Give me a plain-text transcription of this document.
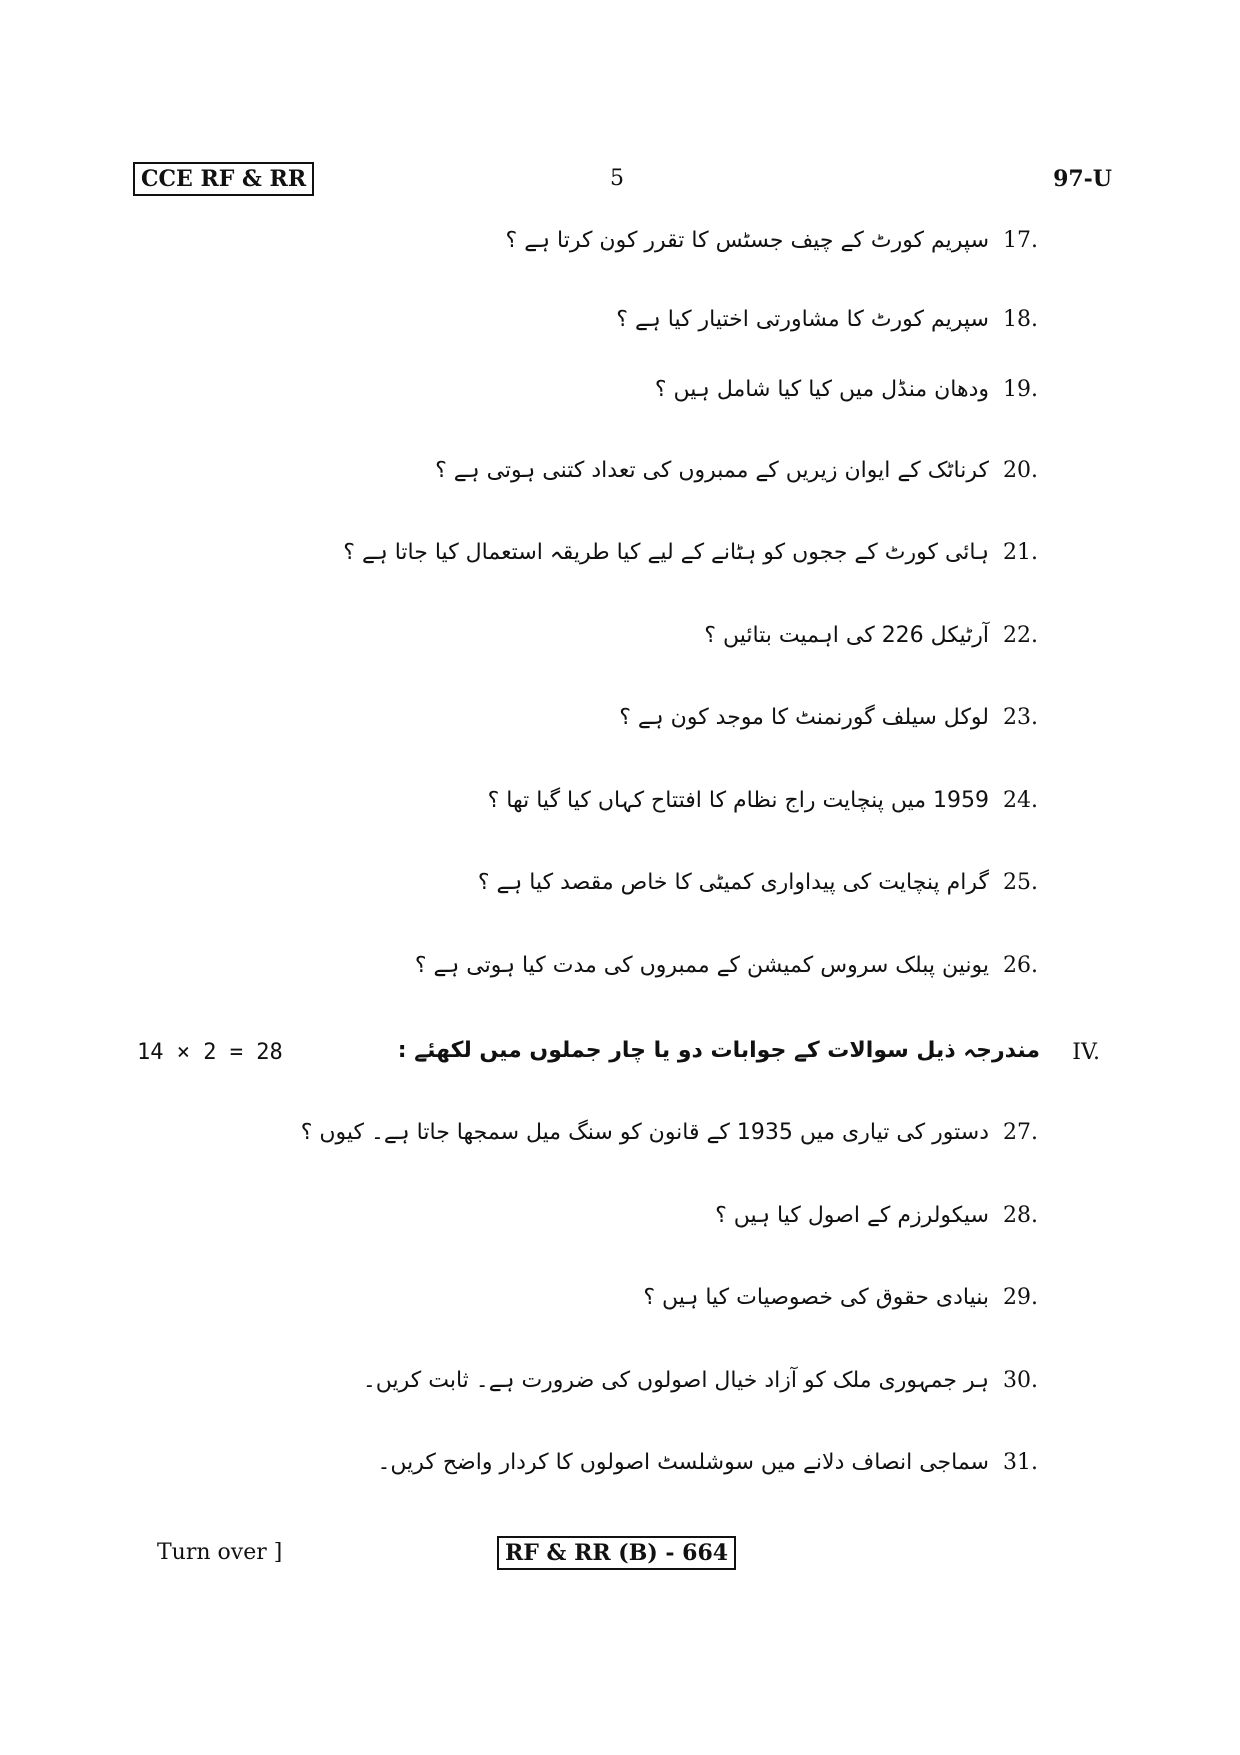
CCE RF & RR	5	97-U
سپریم کورٹ کے چیف جسٹس کا تقرر کون کرتا ہے ؟ 17.
سپریم کورٹ کا مشاورتی اختیار کیا ہے ؟ 18.
ودھان منڈل میں کیا کیا شامل ہیں ؟ 19.
کرناٹک کے ایوان زیریں کے ممبروں کی تعداد کتنی ہوتی ہے ؟ 20.
ہائی کورٹ کے ججوں کو ہٹانے کے لیے کیا طریقہ استعمال کیا جاتا ہے ؟ 21.
آرٹیکل 226 کی اہمیت بتائیں ؟ 22.
لوکل سیلف گورنمنٹ کا موجد کون ہے ؟ 23.
1959 میں پنچایت راج نظام کا افتتاح کہاں کیا گیا تھا ؟ 24.
گرام پنچایت کی پیداواری کمیٹی کا خاص مقصد کیا ہے ؟ 25.
یونین پبلک سروس کمیشن کے ممبروں کی مدت کیا ہوتی ہے ؟ 26.
14 × 2 = 28	مندرجہ ذیل سوالات کے جوابات دو یا چار جملوں میں لکھئے : IV.
دستور کی تیاری میں 1935 کے قانون کو سنگ میل سمجھا جاتا ہے۔ کیوں ؟ 27.
سیکولرزم کے اصول کیا ہیں ؟ 28.
بنیادی حقوق کی خصوصیات کیا ہیں ؟ 29.
ہر جمہوری ملک کو آزاد خیال اصولوں کی ضرورت ہے۔ ثابت کریں۔ 30.
سماجی انصاف دلانے میں سوشلسٹ اصولوں کا کردار واضح کریں۔ 31.
Turn over ]	RF & RR (B) - 664
